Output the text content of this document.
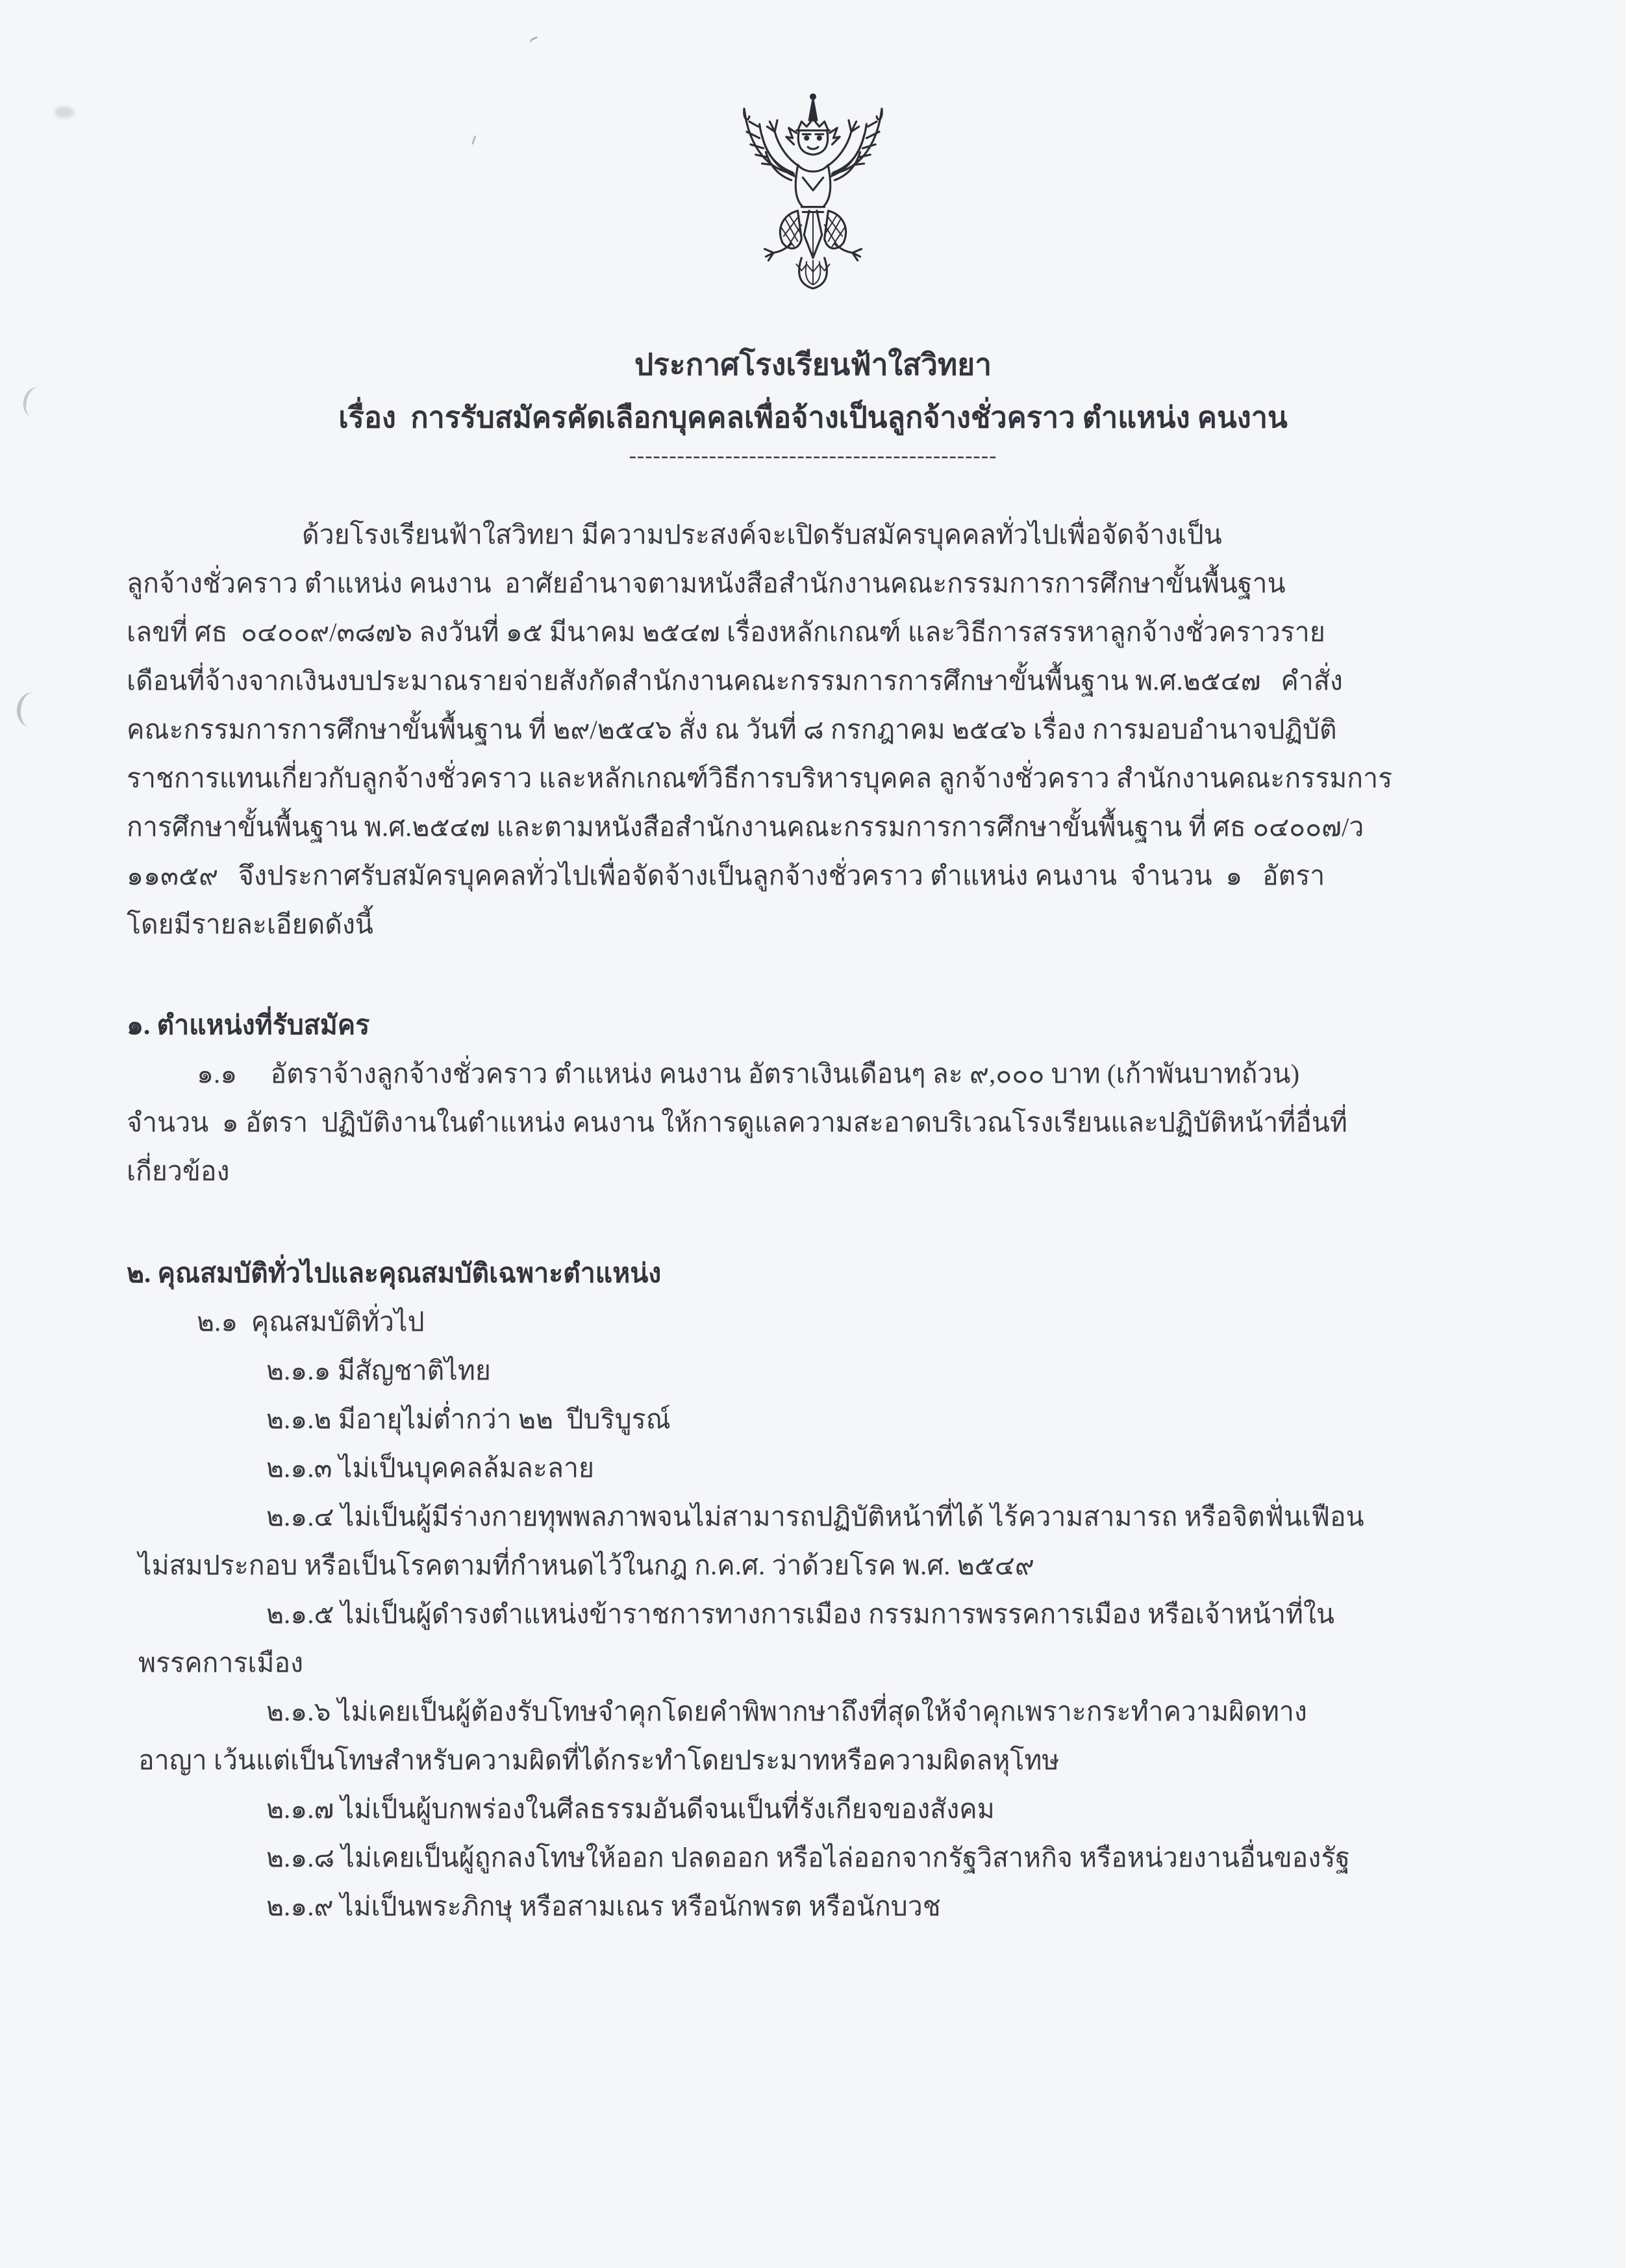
ประกาศโรงเรียนฟ้าใสวิทยา
เรื่อง  การรับสมัครคัดเลือกบุคคลเพื่อจ้างเป็นลูกจ้างชั่วคราว ตำแหน่ง คนงาน
----------------------------------------------
ด้วยโรงเรียนฟ้าใสวิทยา มีความประสงค์จะเปิดรับสมัครบุคคลทั่วไปเพื่อจัดจ้างเป็น
ลูกจ้างชั่วคราว ตำแหน่ง คนงาน  อาศัยอำนาจตามหนังสือสำนักงานคณะกรรมการการศึกษาขั้นพื้นฐาน
เลขที่ ศธ  ๐๔๐๐๙/๓๘๗๖ ลงวันที่ ๑๕ มีนาคม ๒๕๔๗ เรื่องหลักเกณฑ์ และวิธีการสรรหาลูกจ้างชั่วคราวราย
เดือนที่จ้างจากเงินงบประมาณรายจ่ายสังกัดสำนักงานคณะกรรมการการศึกษาขั้นพื้นฐาน พ.ศ.๒๕๔๗   คำสั่ง
คณะกรรมการการศึกษาขั้นพื้นฐาน ที่ ๒๙/๒๕๔๖ สั่ง ณ วันที่ ๘ กรกฎาคม ๒๕๔๖ เรื่อง การมอบอำนาจปฏิบัติ
ราชการแทนเกี่ยวกับลูกจ้างชั่วคราว และหลักเกณฑ์วิธีการบริหารบุคคล ลูกจ้างชั่วคราว สำนักงานคณะกรรมการ
การศึกษาขั้นพื้นฐาน พ.ศ.๒๕๔๗ และตามหนังสือสำนักงานคณะกรรมการการศึกษาขั้นพื้นฐาน ที่ ศธ ๐๔๐๐๗/ว
๑๑๓๕๙   จึงประกาศรับสมัครบุคคลทั่วไปเพื่อจัดจ้างเป็นลูกจ้างชั่วคราว ตำแหน่ง คนงาน  จำนวน  ๑   อัตรา
โดยมีรายละเอียดดังนี้
๑. ตำแหน่งที่รับสมัคร
๑.๑     อัตราจ้างลูกจ้างชั่วคราว ตำแหน่ง คนงาน อัตราเงินเดือนๆ ละ ๙,๐๐๐ บาท (เก้าพันบาทถ้วน)
จำนวน  ๑ อัตรา  ปฏิบัติงานในตำแหน่ง คนงาน ให้การดูแลความสะอาดบริเวณโรงเรียนและปฏิบัติหน้าที่อื่นที่
เกี่ยวข้อง
๒. คุณสมบัติทั่วไปและคุณสมบัติเฉพาะตำแหน่ง
๒.๑  คุณสมบัติทั่วไป
๒.๑.๑ มีสัญชาติไทย
๒.๑.๒ มีอายุไม่ต่ำกว่า ๒๒  ปีบริบูรณ์
๒.๑.๓ ไม่เป็นบุคคลล้มละลาย
๒.๑.๔ ไม่เป็นผู้มีร่างกายทุพพลภาพจนไม่สามารถปฏิบัติหน้าที่ได้ ไร้ความสามารถ หรือจิตฟั่นเฟือน
ไม่สมประกอบ หรือเป็นโรคตามที่กำหนดไว้ในกฎ ก.ค.ศ. ว่าด้วยโรค พ.ศ. ๒๕๔๙
๒.๑.๕ ไม่เป็นผู้ดำรงตำแหน่งข้าราชการทางการเมือง กรรมการพรรคการเมือง หรือเจ้าหน้าที่ใน
พรรคการเมือง
๒.๑.๖ ไม่เคยเป็นผู้ต้องรับโทษจำคุกโดยคำพิพากษาถึงที่สุดให้จำคุกเพราะกระทำความผิดทาง
อาญา เว้นแต่เป็นโทษสำหรับความผิดที่ได้กระทำโดยประมาทหรือความผิดลหุโทษ
๒.๑.๗ ไม่เป็นผู้บกพร่องในศีลธรรมอันดีจนเป็นที่รังเกียจของสังคม
๒.๑.๘ ไม่เคยเป็นผู้ถูกลงโทษให้ออก ปลดออก หรือไล่ออกจากรัฐวิสาหกิจ หรือหน่วยงานอื่นของรัฐ
๒.๑.๙ ไม่เป็นพระภิกษุ หรือสามเณร หรือนักพรต หรือนักบวช
